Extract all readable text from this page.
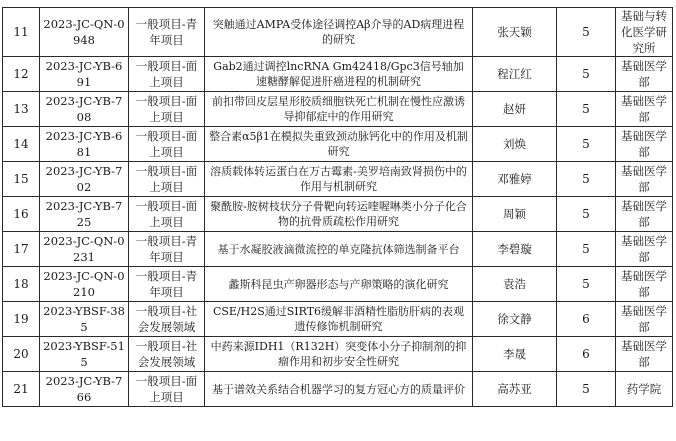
11	2023-JC-QN-0948	一般项目-青年项目	突触通过AMPA受体途径调控Aβ介导的AD病理进程的研究	张天颖	5	基础与转化医学研究所
12	2023-JC-YB-691	一般项目-面上项目	Gab2通过调控lncRNA Gm42418/Gpc3信号轴加速糖酵解促进肝癌进程的机制研究	程江红	5	基础医学部
13	2023-JC-YB-708	一般项目-面上项目	前扣带回皮层星形胶质细胞铁死亡机制在慢性应激诱导抑郁症中的作用研究	赵妍	5	基础医学部
14	2023-JC-YB-681	一般项目-面上项目	整合素α5β1在模拟失重致颈动脉钙化中的作用及机制研究	刘焕	5	基础医学部
15	2023-JC-YB-702	一般项目-面上项目	溶质载体转运蛋白在万古霉素-美罗培南致肾损伤中的作用与机制研究	邓雅婷	5	基础医学部
16	2023-JC-YB-725	一般项目-面上项目	聚酰胺-胺树枝状分子骨靶向转运喹喔啉类小分子化合物的抗骨质疏松作用研究	周颖	5	基础医学部
17	2023-JC-QN-0231	一般项目-青年项目	基于水凝胶液滴微流控的单克隆抗体筛选制备平台	李碧璇	5	基础医学部
18	2023-JC-QN-0210	一般项目-青年项目	蠡斯科昆虫产卵器形态与产卵策略的演化研究	袁浩	5	基础医学部
19	2023-YBSF-385	一般项目-社会发展领域	CSE/H2S通过SIRT6缓解非酒精性脂肪肝病的表观遗传修饰机制研究	徐文静	6	基础医学部
20	2023-YBSF-515	一般项目-社会发展领域	中药来源IDH1（R132H）突变体小分子抑制剂的抑瘤作用和初步安全性研究	李晟	6	基础医学部
21	2023-JC-YB-766	一般项目-面上项目	基于谱效关系结合机器学习的复方冠心方的质量评价	高苏亚	5	药学院
